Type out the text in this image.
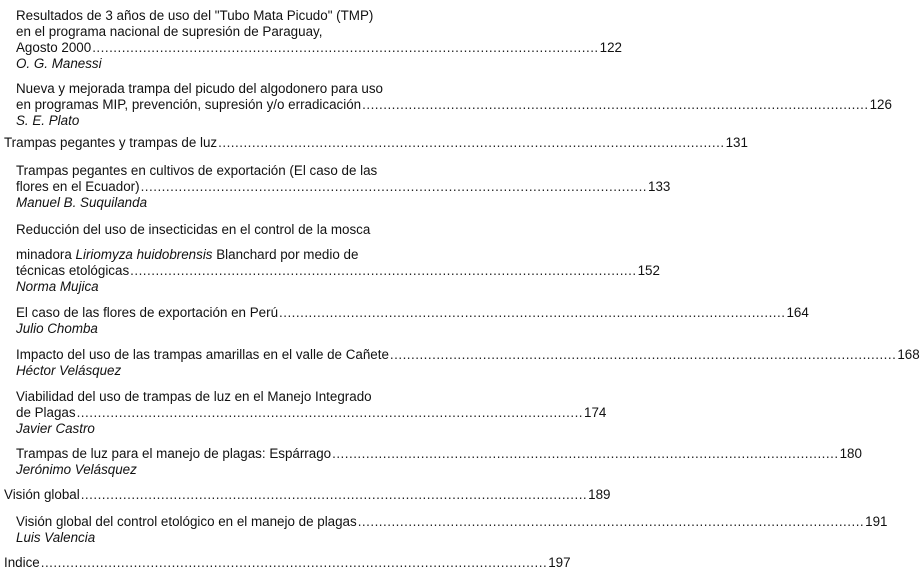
Resultados de 3 años de uso del "Tubo Mata Picudo" (TMP)
en el programa nacional de supresión de Paraguay,
Agosto 2000 ........................................................................................................................ 122
O. G. Manessi
Nueva y mejorada trampa del picudo del algodonero para uso
en programas MIP, prevención, supresión y/o erradicación ........................................................................................................................ 126
S. E. Plato
Trampas pegantes y trampas de luz ........................................................................................................................ 131
Trampas pegantes en cultivos de exportación (El caso de las
flores en el Ecuador) ........................................................................................................................ 133
Manuel B. Suquilanda
Reducción del uso de insecticidas en el control de la mosca
minadora Liriomyza huidobrensis Blanchard por medio de
técnicas etológicas ........................................................................................................................ 152
Norma Mujica
El caso de las flores de exportación en Perú ........................................................................................................................ 164
Julio Chomba
Impacto del uso de las trampas amarillas en el valle de Cañete ........................................................................................................................ 168
Héctor Velásquez
Viabilidad del uso de trampas de luz en el Manejo Integrado
de Plagas ........................................................................................................................ 174
Javier Castro
Trampas de luz para el manejo de plagas: Espárrago ........................................................................................................................ 180
Jerónimo Velásquez
Visión global ........................................................................................................................ 189
Visión global del control etológico en el manejo de plagas ........................................................................................................................ 191
Luis Valencia
Indice ........................................................................................................................ 197
